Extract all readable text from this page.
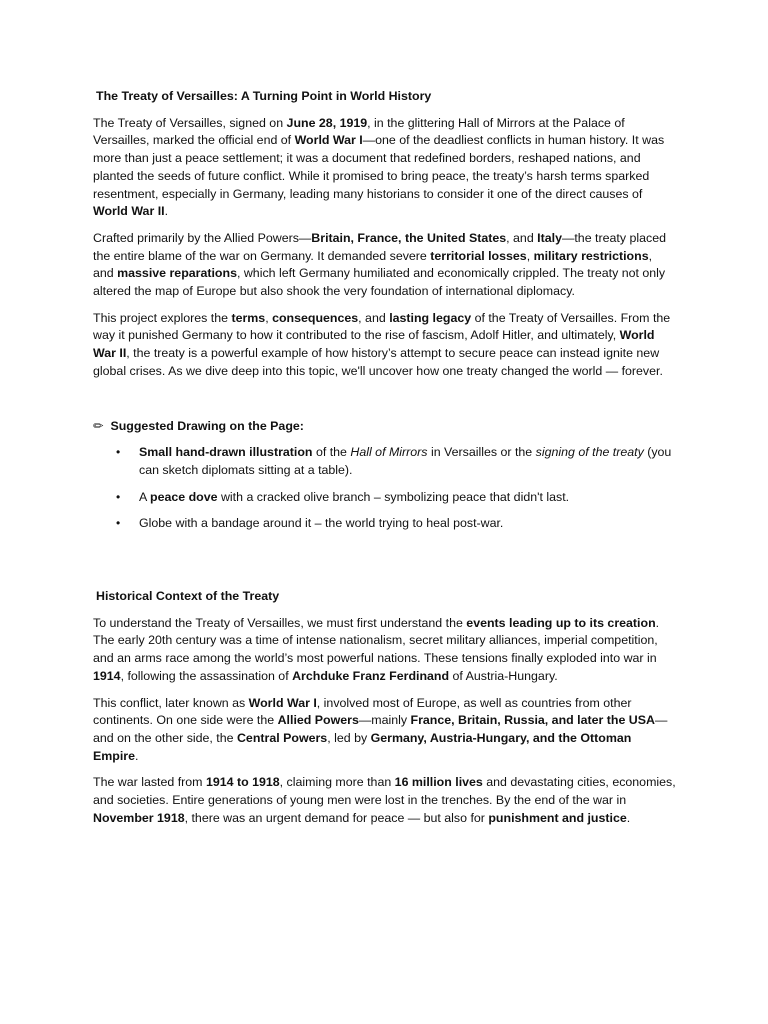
The Treaty of Versailles: A Turning Point in World History

The Treaty of Versailles, signed on June 28, 1919, in the glittering Hall of Mirrors at the Palace of Versailles, marked the official end of World War I—one of the deadliest conflicts in human history. It was more than just a peace settlement; it was a document that redefined borders, reshaped nations, and planted the seeds of future conflict. While it promised to bring peace, the treaty’s harsh terms sparked resentment, especially in Germany, leading many historians to consider it one of the direct causes of World War II.

Crafted primarily by the Allied Powers—Britain, France, the United States, and Italy—the treaty placed the entire blame of the war on Germany. It demanded severe territorial losses, military restrictions, and massive reparations, which left Germany humiliated and economically crippled. The treaty not only altered the map of Europe but also shook the very foundation of international diplomacy.

This project explores the terms, consequences, and lasting legacy of the Treaty of Versailles. From the way it punished Germany to how it contributed to the rise of fascism, Adolf Hitler, and ultimately, World War II, the treaty is a powerful example of how history’s attempt to secure peace can instead ignite new global crises. As we dive deep into this topic, we'll uncover how one treaty changed the world — forever.

✏ Suggested Drawing on the Page:
• Small hand-drawn illustration of the Hall of Mirrors in Versailles or the signing of the treaty (you can sketch diplomats sitting at a table).
• A peace dove with a cracked olive branch – symbolizing peace that didn't last.
• Globe with a bandage around it – the world trying to heal post-war.
Historical Context of the Treaty

To understand the Treaty of Versailles, we must first understand the events leading up to its creation. The early 20th century was a time of intense nationalism, secret military alliances, imperial competition, and an arms race among the world’s most powerful nations. These tensions finally exploded into war in 1914, following the assassination of Archduke Franz Ferdinand of Austria-Hungary.

This conflict, later known as World War I, involved most of Europe, as well as countries from other continents. On one side were the Allied Powers—mainly France, Britain, Russia, and later the USA—and on the other side, the Central Powers, led by Germany, Austria-Hungary, and the Ottoman Empire.

The war lasted from 1914 to 1918, claiming more than 16 million lives and devastating cities, economies, and societies. Entire generations of young men were lost in the trenches. By the end of the war in November 1918, there was an urgent demand for peace — but also for punishment and justice.
